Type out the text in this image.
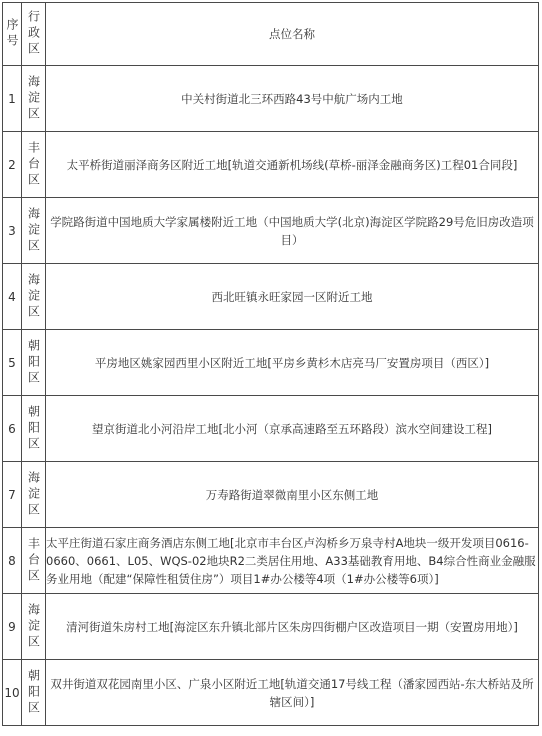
序号	行政区	点位名称
1	海淀区	中关村街道北三环西路43号中航广场内工地
2	丰台区	太平桥街道丽泽商务区附近工地[轨道交通新机场线(草桥-丽泽金融商务区)工程01合同段]
3	海淀区	学院路街道中国地质大学家属楼附近工地（中国地质大学(北京)海淀区学院路29号危旧房改造项目）
4	海淀区	西北旺镇永旺家园一区附近工地
5	朝阳区	平房地区姚家园西里小区附近工地[平房乡黄杉木店亮马厂安置房项目（西区）]
6	朝阳区	望京街道北小河沿岸工地[北小河（京承高速路至五环路段）滨水空间建设工程]
7	海淀区	万寿路街道翠微南里小区东侧工地
8	丰台区	太平庄街道石家庄商务酒店东侧工地[北京市丰台区卢沟桥乡万泉寺村A地块一级开发项目0616-0660、0661、L05、WQS-02地块R2二类居住用地、A33基础教育用地、B4综合性商业金融服务业用地（配建“保障性租赁住房”）项目1#办公楼等4项（1#办公楼等6项）]
9	海淀区	清河街道朱房村工地[海淀区东升镇北部片区朱房四街棚户区改造项目一期（安置房用地）]
10	朝阳区	双井街道双花园南里小区、广泉小区附近工地[轨道交通17号线工程（潘家园西站-东大桥站及所辖区间）]
